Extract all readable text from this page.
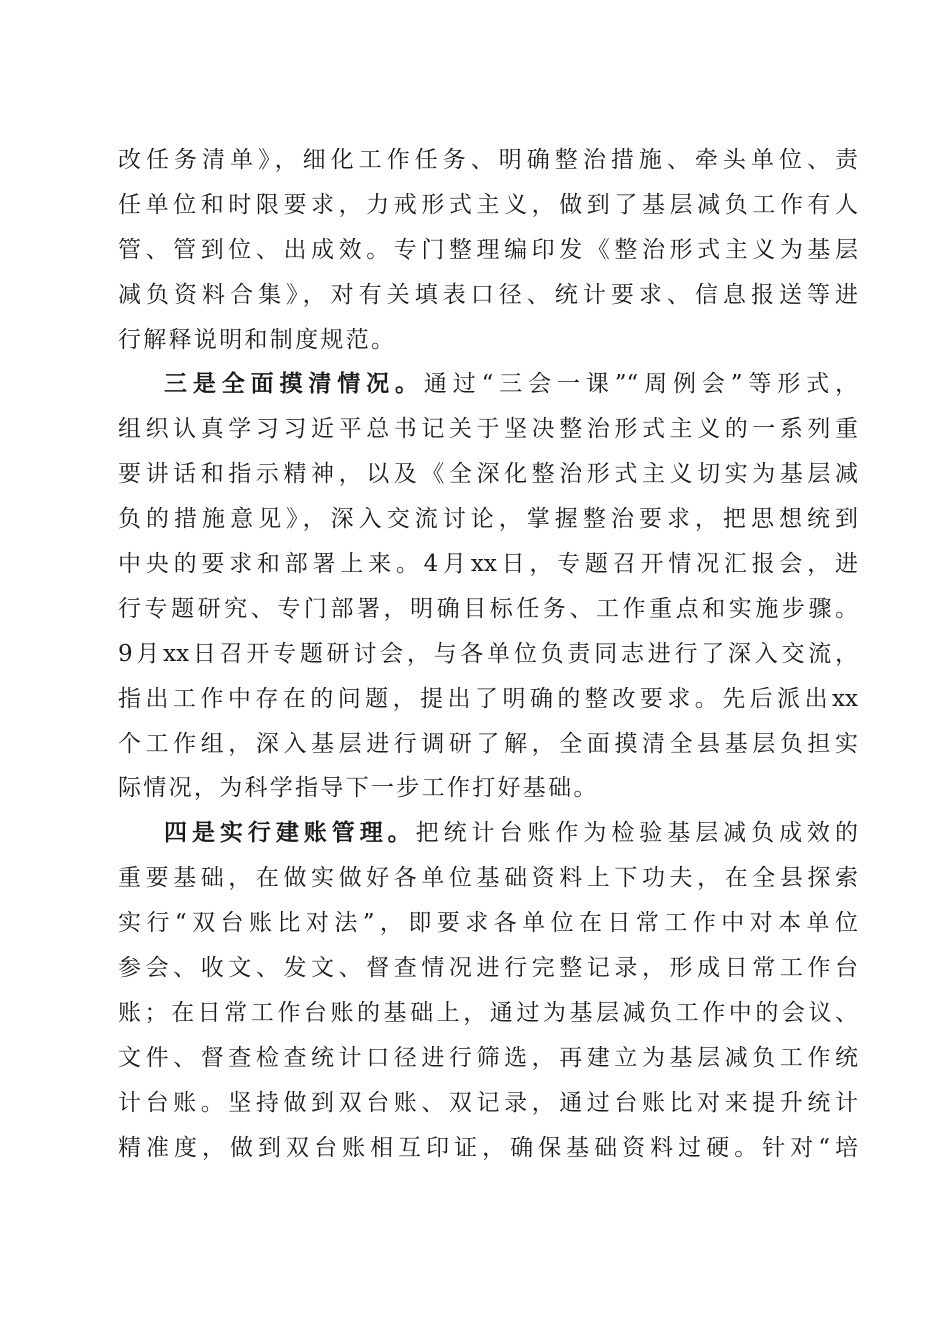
改任务清单》，细化工作任务、明确整治措施、牵头单位、责
任单位和时限要求，力戒形式主义，做到了基层减负工作有人
管、管到位、出成效。专门整理编印发《整治形式主义为基层
减负资料合集》，对有关填表口径、统计要求、信息报送等进
行解释说明和制度规范。
三是全面摸清情况。通过“三会一课”“周例会”等形式，
组织认真学习习近平总书记关于坚决整治形式主义的一系列重
要讲话和指示精神，以及《全深化整治形式主义切实为基层减
负的措施意见》，深入交流讨论，掌握整治要求，把思想统到
中央的要求和部署上来。4月xx日，专题召开情况汇报会，进
行专题研究、专门部署，明确目标任务、工作重点和实施步骤。
9月xx日召开专题研讨会，与各单位负责同志进行了深入交流，
指出工作中存在的问题，提出了明确的整改要求。先后派出xx
个工作组，深入基层进行调研了解，全面摸清全县基层负担实
际情况，为科学指导下一步工作打好基础。
四是实行建账管理。把统计台账作为检验基层减负成效的
重要基础，在做实做好各单位基础资料上下功夫，在全县探索
实行“双台账比对法”，即要求各单位在日常工作中对本单位
参会、收文、发文、督查情况进行完整记录，形成日常工作台
账；在日常工作台账的基础上，通过为基层减负工作中的会议、
文件、督查检查统计口径进行筛选，再建立为基层减负工作统
计台账。坚持做到双台账、双记录，通过台账比对来提升统计
精准度，做到双台账相互印证，确保基础资料过硬。针对“培
